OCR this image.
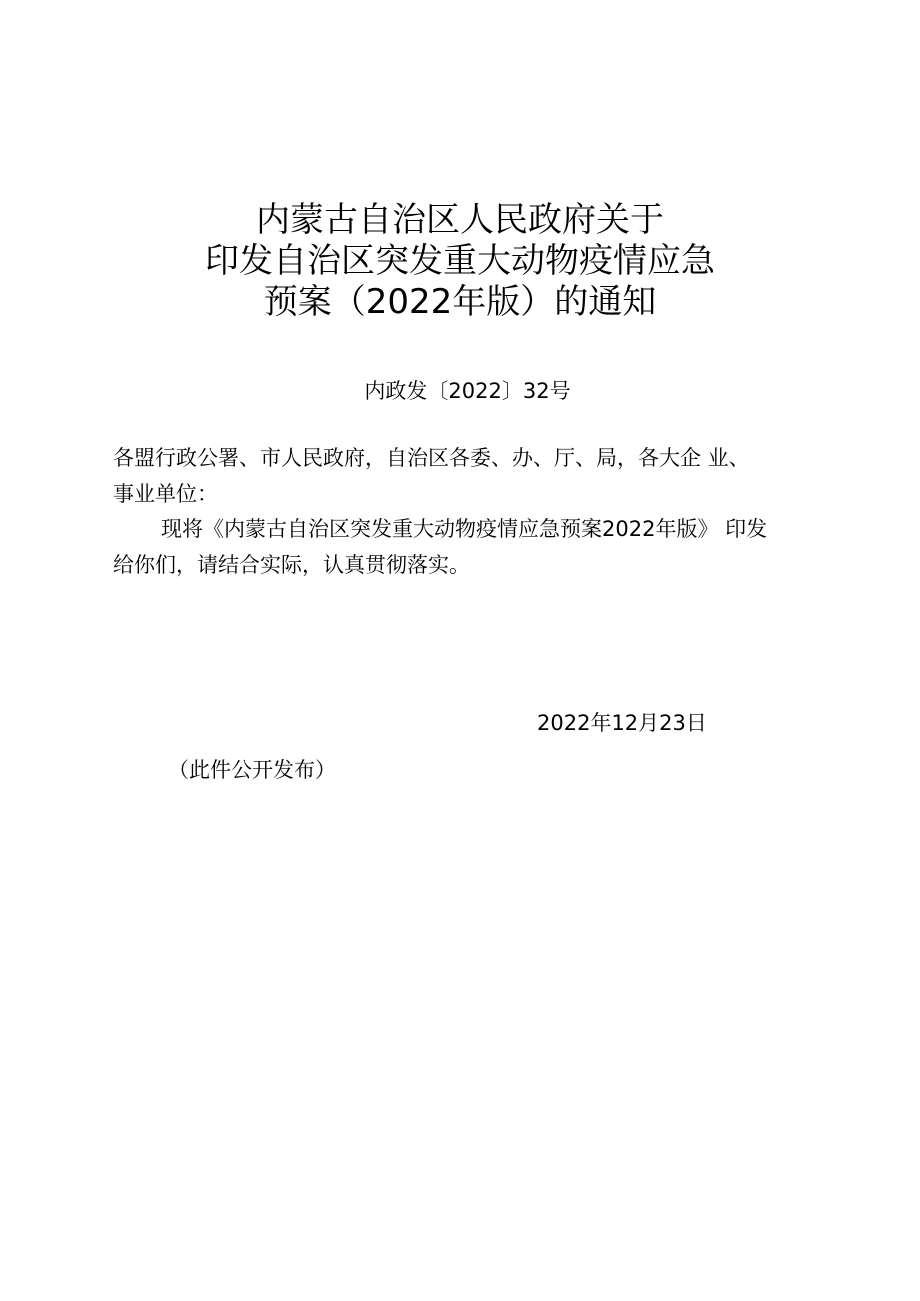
内蒙古自治区人民政府关于
印发自治区突发重大动物疫情应急
预案（2022年版）的通知
内政发〔2022〕32号
各盟行政公署、市人民政府，自治区各委、办、厅、局，各大企 业、
事业单位：
现将《内蒙古自治区突发重大动物疫情应急预案2022年版》 印发
给你们，请结合实际，认真贯彻落实。
2022年12月23日
（此件公开发布）
